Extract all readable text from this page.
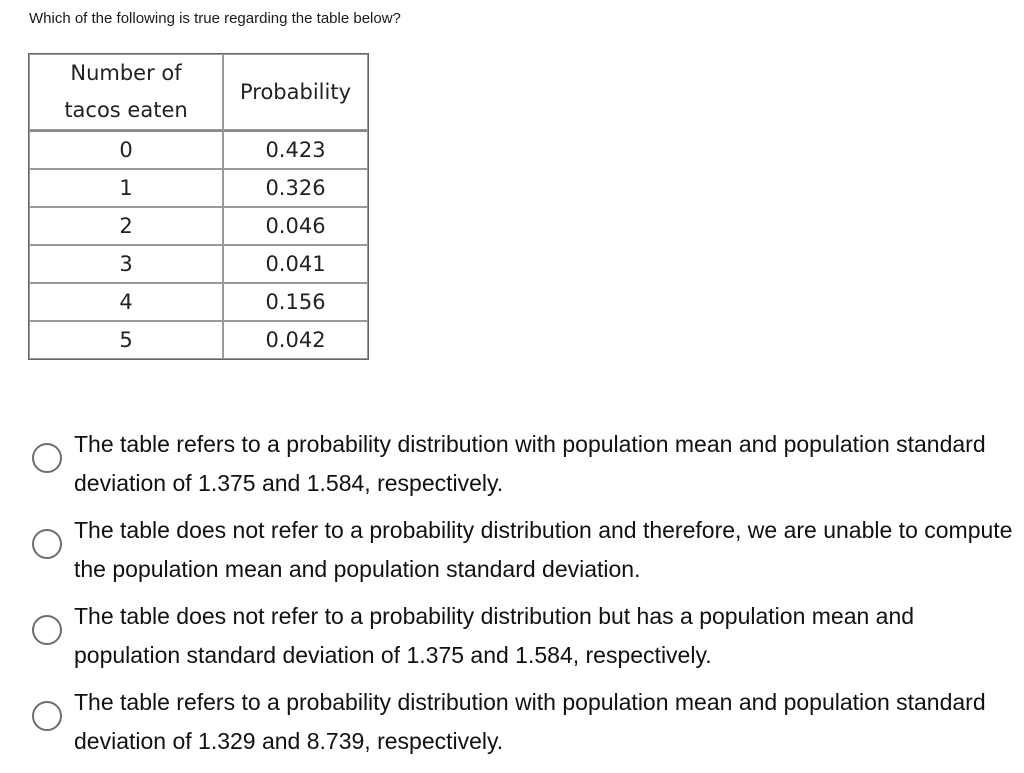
Which of the following is true regarding the table below?
Number of
tacos eaten	Probability
0	0.423
1	0.326
2	0.046
3	0.041
4	0.156
5	0.042
The table refers to a probability distribution with population mean and population standard deviation of 1.375 and 1.584, respectively.
The table does not refer to a probability distribution and therefore, we are unable to compute the population mean and population standard deviation.
The table does not refer to a probability distribution but has a population mean and population standard deviation of 1.375 and 1.584, respectively.
The table refers to a probability distribution with population mean and population standard deviation of 1.329 and 8.739, respectively.
